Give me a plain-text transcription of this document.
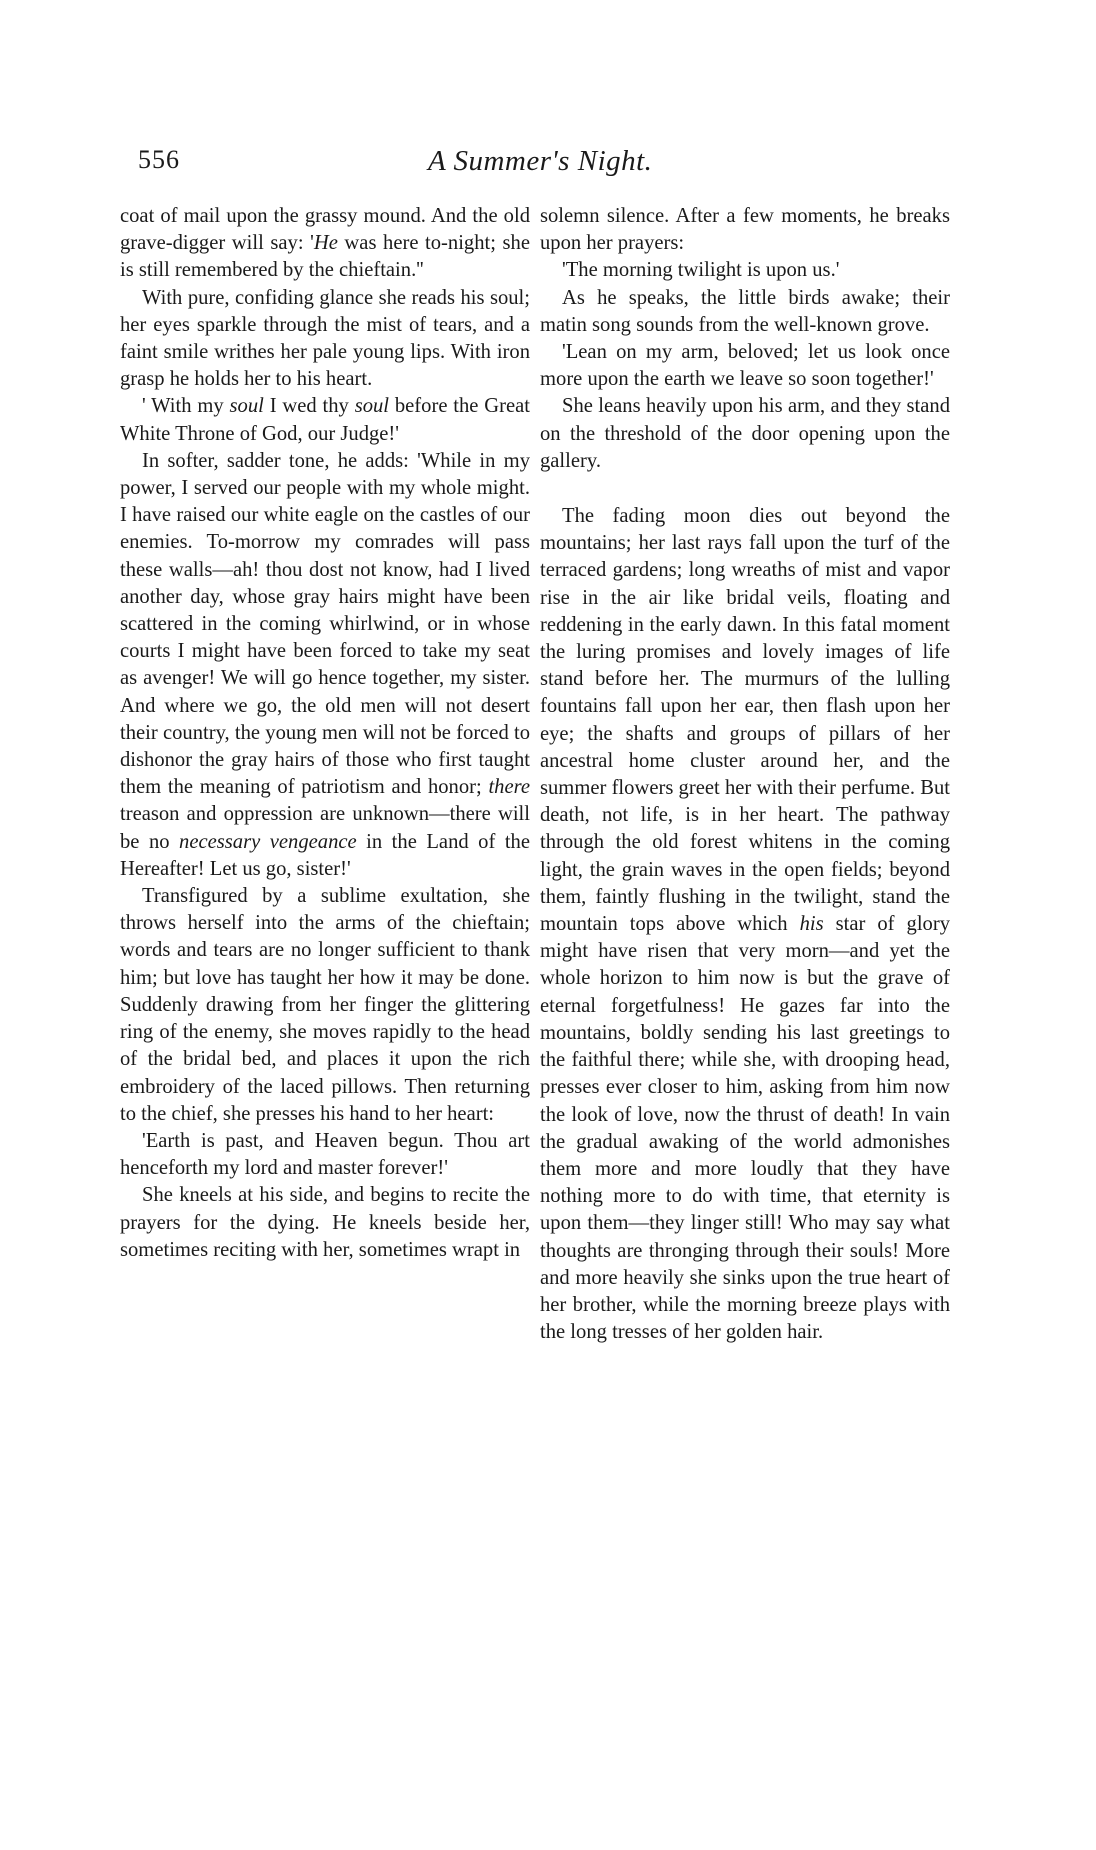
556	A Summer's Night.

coat of mail upon the grassy mound. And the old grave-digger will say: 'He was here to-night; she is still remembered by the chieftain.''

With pure, confiding glance she reads his soul; her eyes sparkle through the mist of tears, and a faint smile writhes her pale young lips. With iron grasp he holds her to his heart.

' With my soul I wed thy soul before the Great White Throne of God, our Judge!'

In softer, sadder tone, he adds: 'While in my power, I served our people with my whole might. I have raised our white eagle on the castles of our enemies. To-morrow my comrades will pass these walls—ah! thou dost not know, had I lived another day, whose gray hairs might have been scattered in the coming whirlwind, or in whose courts I might have been forced to take my seat as avenger! We will go hence together, my sister. And where we go, the old men will not desert their country, the young men will not be forced to dishonor the gray hairs of those who first taught them the meaning of patriotism and honor; there treason and oppression are unknown—there will be no necessary vengeance in the Land of the Hereafter! Let us go, sister!'

Transfigured by a sublime exultation, she throws herself into the arms of the chieftain; words and tears are no longer sufficient to thank him; but love has taught her how it may be done. Suddenly drawing from her finger the glittering ring of the enemy, she moves rapidly to the head of the bridal bed, and places it upon the rich embroidery of the laced pillows. Then returning to the chief, she presses his hand to her heart:

'Earth is past, and Heaven begun. Thou art henceforth my lord and master forever!'

She kneels at his side, and begins to recite the prayers for the dying. He kneels beside her, sometimes reciting with her, sometimes wrapt in

solemn silence. After a few moments, he breaks upon her prayers:

'The morning twilight is upon us.'

As he speaks, the little birds awake; their matin song sounds from the well-known grove.

'Lean on my arm, beloved; let us look once more upon the earth we leave so soon together!'

She leans heavily upon his arm, and they stand on the threshold of the door opening upon the gallery.

The fading moon dies out beyond the mountains; her last rays fall upon the turf of the terraced gardens; long wreaths of mist and vapor rise in the air like bridal veils, floating and reddening in the early dawn. In this fatal moment the luring promises and lovely images of life stand before her. The murmurs of the lulling fountains fall upon her ear, then flash upon her eye; the shafts and groups of pillars of her ancestral home cluster around her, and the summer flowers greet her with their perfume. But death, not life, is in her heart. The pathway through the old forest whitens in the coming light, the grain waves in the open fields; beyond them, faintly flushing in the twilight, stand the mountain tops above which his star of glory might have risen that very morn—and yet the whole horizon to him now is but the grave of eternal forgetfulness! He gazes far into the mountains, boldly sending his last greetings to the faithful there; while she, with drooping head, presses ever closer to him, asking from him now the look of love, now the thrust of death! In vain the gradual awaking of the world admonishes them more and more loudly that they have nothing more to do with time, that eternity is upon them—they linger still! Who may say what thoughts are thronging through their souls! More and more heavily she sinks upon the true heart of her brother, while the morning breeze plays with the long tresses of her golden hair.
